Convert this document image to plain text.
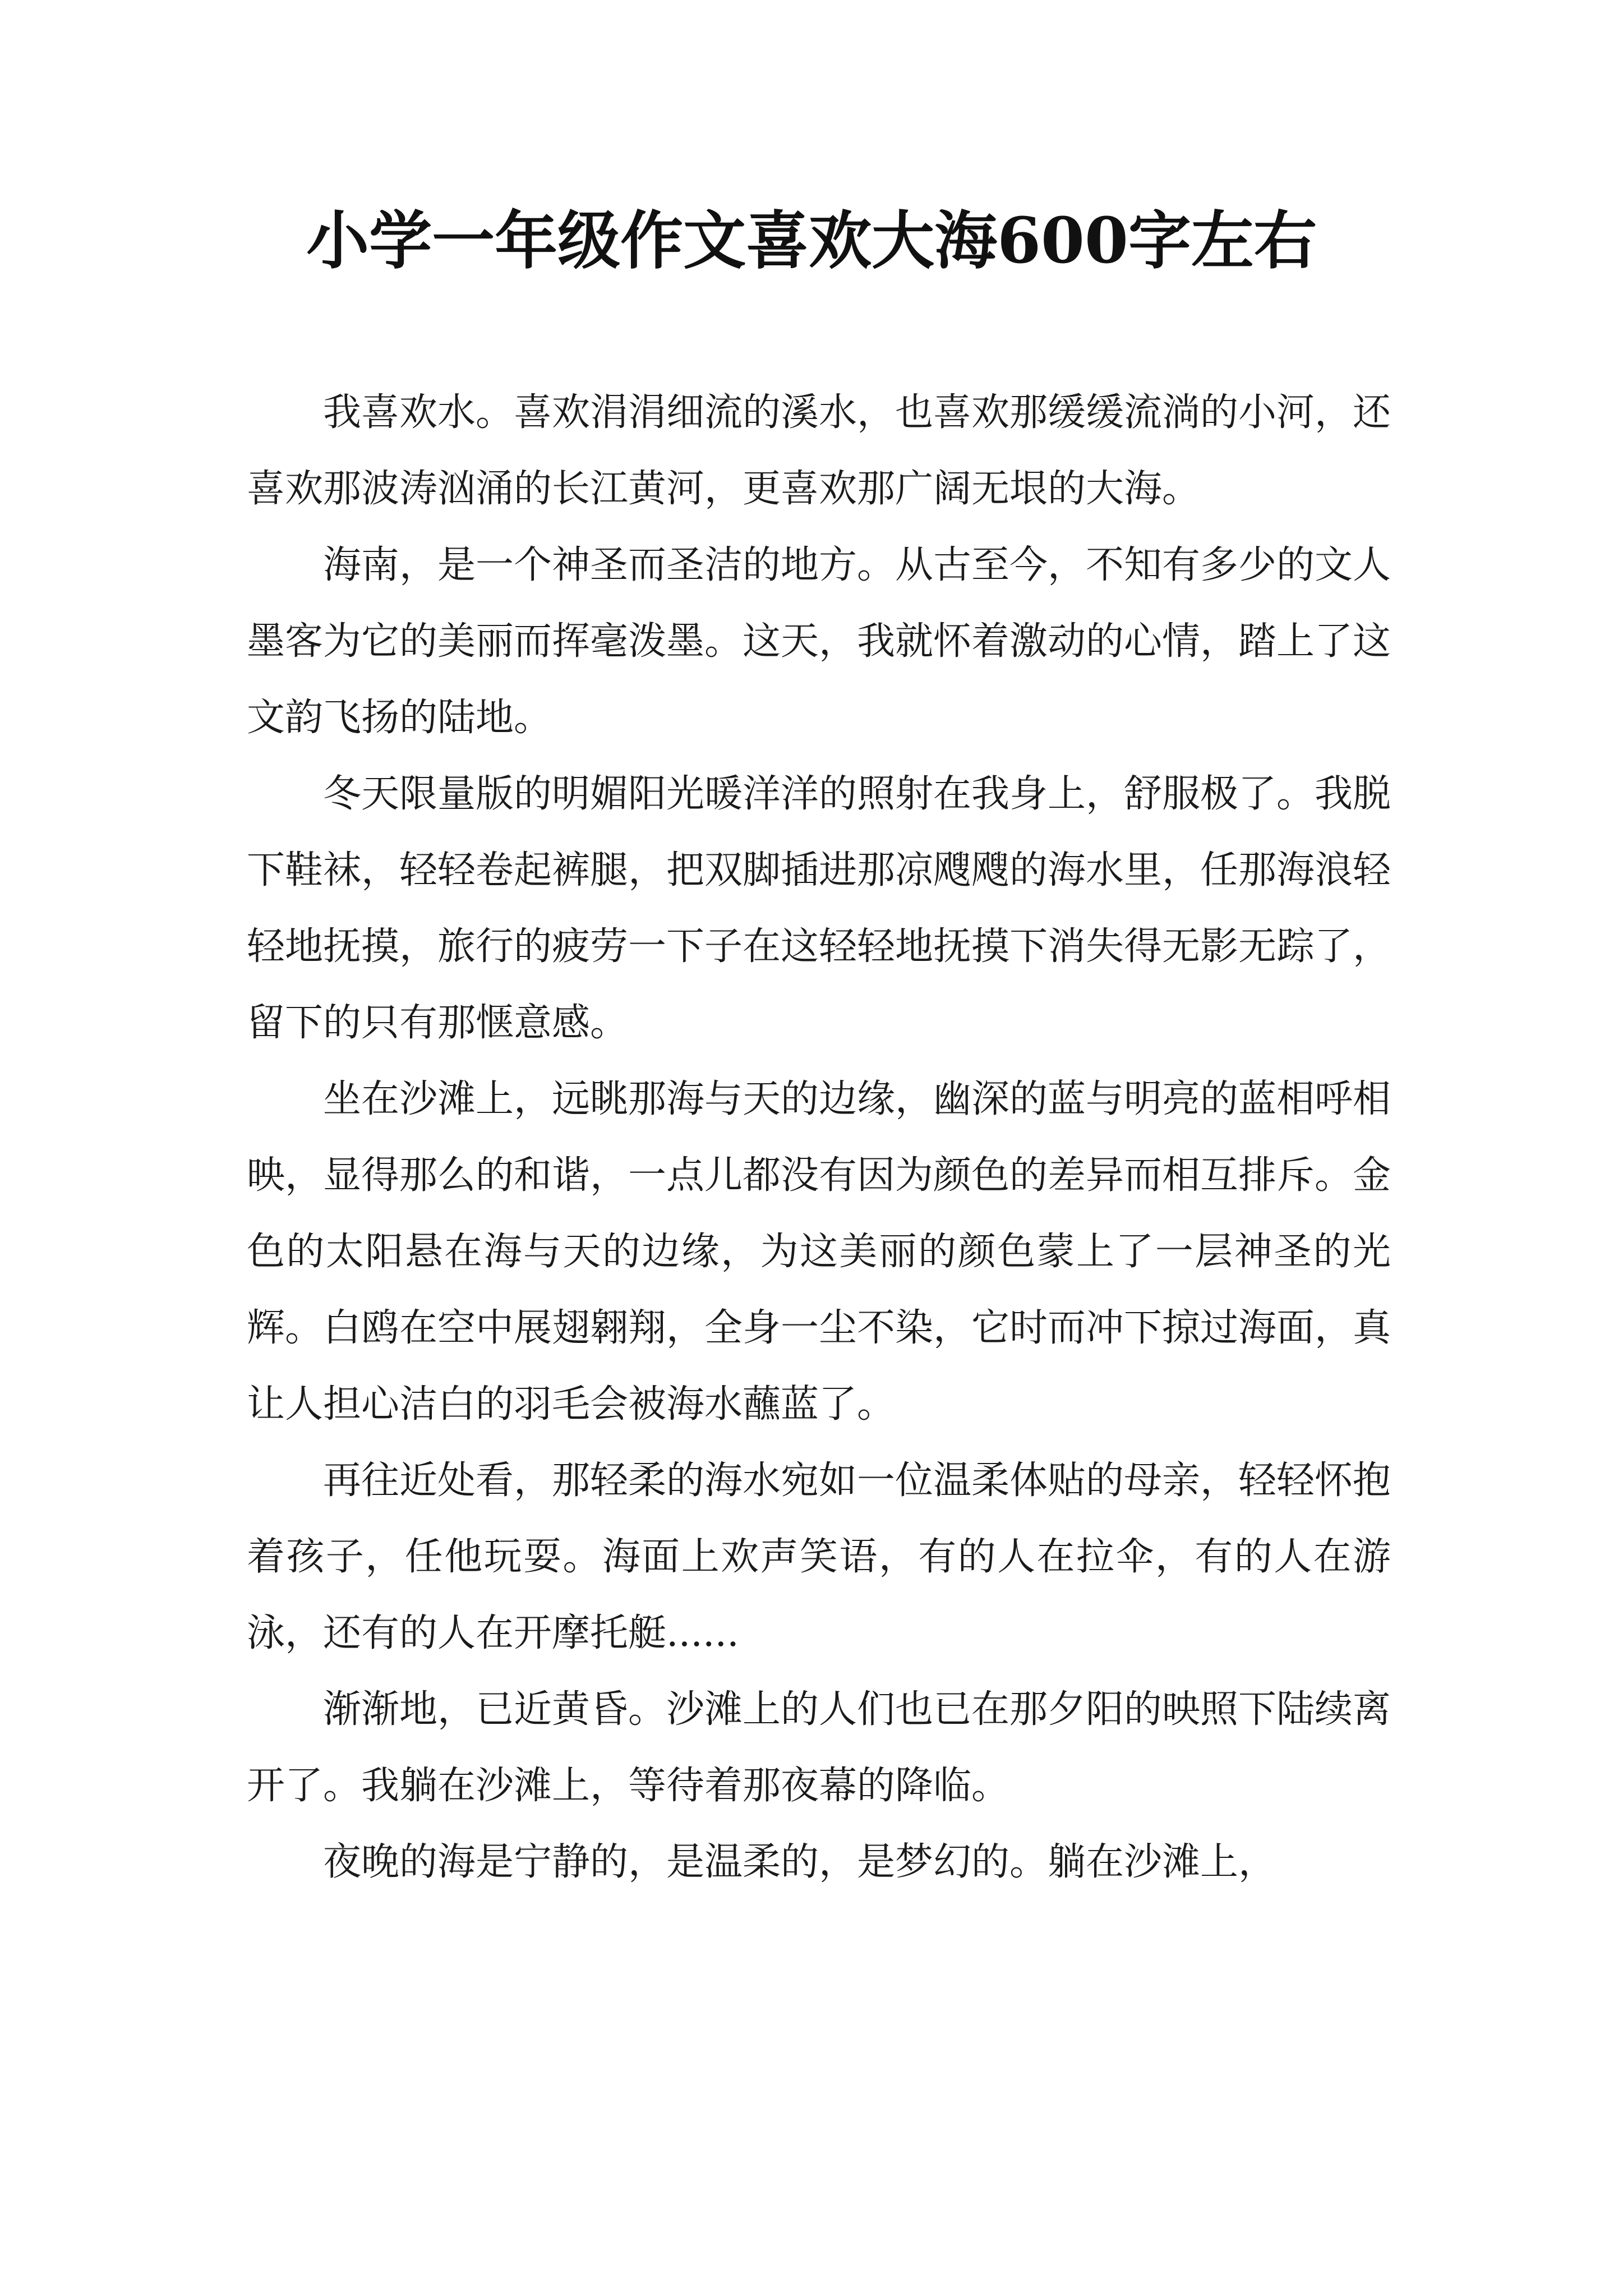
小学一年级作文喜欢大海600字左右

我喜欢水。喜欢涓涓细流的溪水，也喜欢那缓缓流淌的小河，还喜欢那波涛汹涌的长江黄河，更喜欢那广阔无垠的大海。

海南，是一个神圣而圣洁的地方。从古至今，不知有多少的文人墨客为它的美丽而挥毫泼墨。这天，我就怀着激动的心情，踏上了这文韵飞扬的陆地。

冬天限量版的明媚阳光暖洋洋的照射在我身上，舒服极了。我脱下鞋袜，轻轻卷起裤腿，把双脚插进那凉飕飕的海水里，任那海浪轻轻地抚摸，旅行的疲劳一下子在这轻轻地抚摸下消失得无影无踪了，留下的只有那惬意感。

坐在沙滩上，远眺那海与天的边缘，幽深的蓝与明亮的蓝相呼相映，显得那么的和谐，一点儿都没有因为颜色的差异而相互排斥。金色的太阳悬在海与天的边缘，为这美丽的颜色蒙上了一层神圣的光辉。白鸥在空中展翅翱翔，全身一尘不染，它时而冲下掠过海面，真让人担心洁白的羽毛会被海水蘸蓝了。

再往近处看，那轻柔的海水宛如一位温柔体贴的母亲，轻轻怀抱着孩子，任他玩耍。海面上欢声笑语，有的人在拉伞，有的人在游泳，还有的人在开摩托艇......

渐渐地，已近黄昏。沙滩上的人们也已在那夕阳的映照下陆续离开了。我躺在沙滩上，等待着那夜幕的降临。

夜晚的海是宁静的，是温柔的，是梦幻的。躺在沙滩上，
